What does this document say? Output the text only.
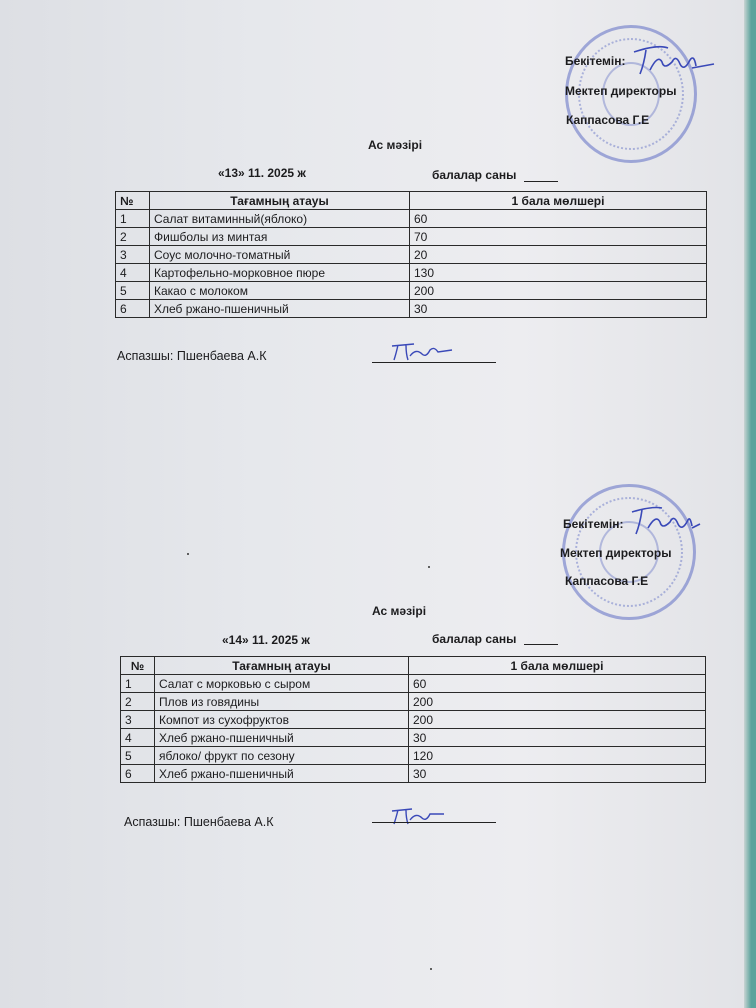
Бекітемін:
Мектеп директоры
Каппасова Г.Е
Ас мәзірі
«13» 11. 2025 ж	балалар саны
№	Тағамның атауы	1 бала мөлшері
1	Салат витаминный(яблоко)	60
2	Фишболы из минтая	70
3	Соус молочно-томатный	20
4	Картофельно-морковное пюре	130
5	Какао с молоком	200
6	Хлеб ржано-пшеничный	30
Аспазшы: Пшенбаева А.К
Бекітемін:
Мектеп директоры
Каппасова Г.Е
Ас мәзірі
«14» 11. 2025 ж	балалар саны
№	Тағамның атауы	1 бала мөлшері
1	Салат с морковью с сыром	60
2	Плов из говядины	200
3	Компот из сухофруктов	200
4	Хлеб ржано-пшеничный	30
5	яблоко/ фрукт по сезону	120
6	Хлеб ржано-пшеничный	30
Аспазшы: Пшенбаева А.К
